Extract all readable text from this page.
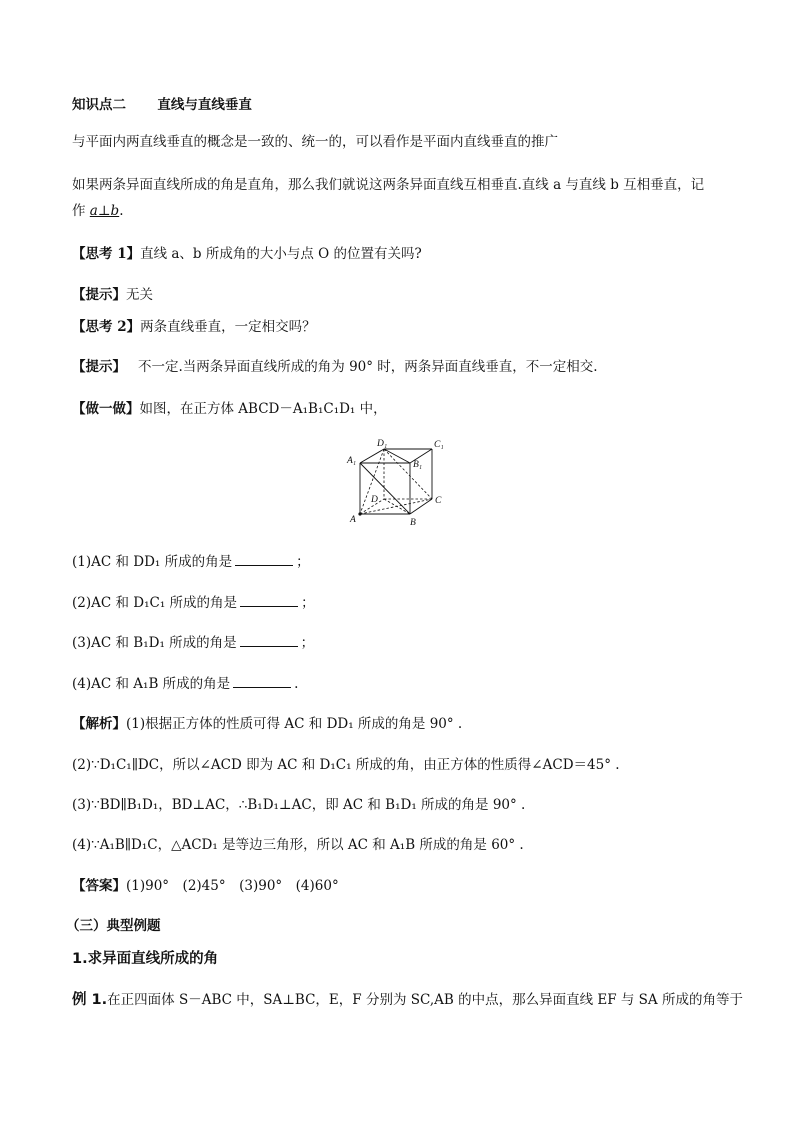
知识点二 直线与直线垂直
与平面内两直线垂直的概念是一致的、统一的，可以看作是平面内直线垂直的推广
如果两条异面直线所成的角是直角，那么我们就说这两条异面直线互相垂直.直线 a 与直线 b 互相垂直，记
作 a⊥b.
【思考 1】直线 a、b 所成角的大小与点 O 的位置有关吗?
【提示】无关
【思考 2】两条直线垂直，一定相交吗？
【提示】 不一定.当两条异面直线所成的角为 90° 时，两条异面直线垂直，不一定相交.
【做一做】如图，在正方体 ABCD－A₁B₁C₁D₁ 中，
D₁	C₁
A₁	B₁
D	C
A	B
(1)AC 和 DD₁ 所成的角是	；
(2)AC 和 D₁C₁ 所成的角是	；
(3)AC 和 B₁D₁ 所成的角是	；
(4)AC 和 A₁B 所成的角是	.
【解析】(1)根据正方体的性质可得 AC 和 DD₁ 所成的角是 90° .
(2)∵D₁C₁∥DC，所以∠ACD 即为 AC 和 D₁C₁ 所成的角，由正方体的性质得∠ACD＝45° .
(3)∵BD∥B₁D₁，BD⊥AC，∴B₁D₁⊥AC，即 AC 和 B₁D₁ 所成的角是 90° .
(4)∵A₁B∥D₁C，△ACD₁ 是等边三角形，所以 AC 和 A₁B 所成的角是 60° .
【答案】(1)90°　(2)45°　(3)90°　(4)60°
（三）典型例题
1.求异面直线所成的角
例 1.在正四面体 S－ABC 中，SA⊥BC，E，F 分别为 SC,AB 的中点，那么异面直线 EF 与 SA 所成的角等于
